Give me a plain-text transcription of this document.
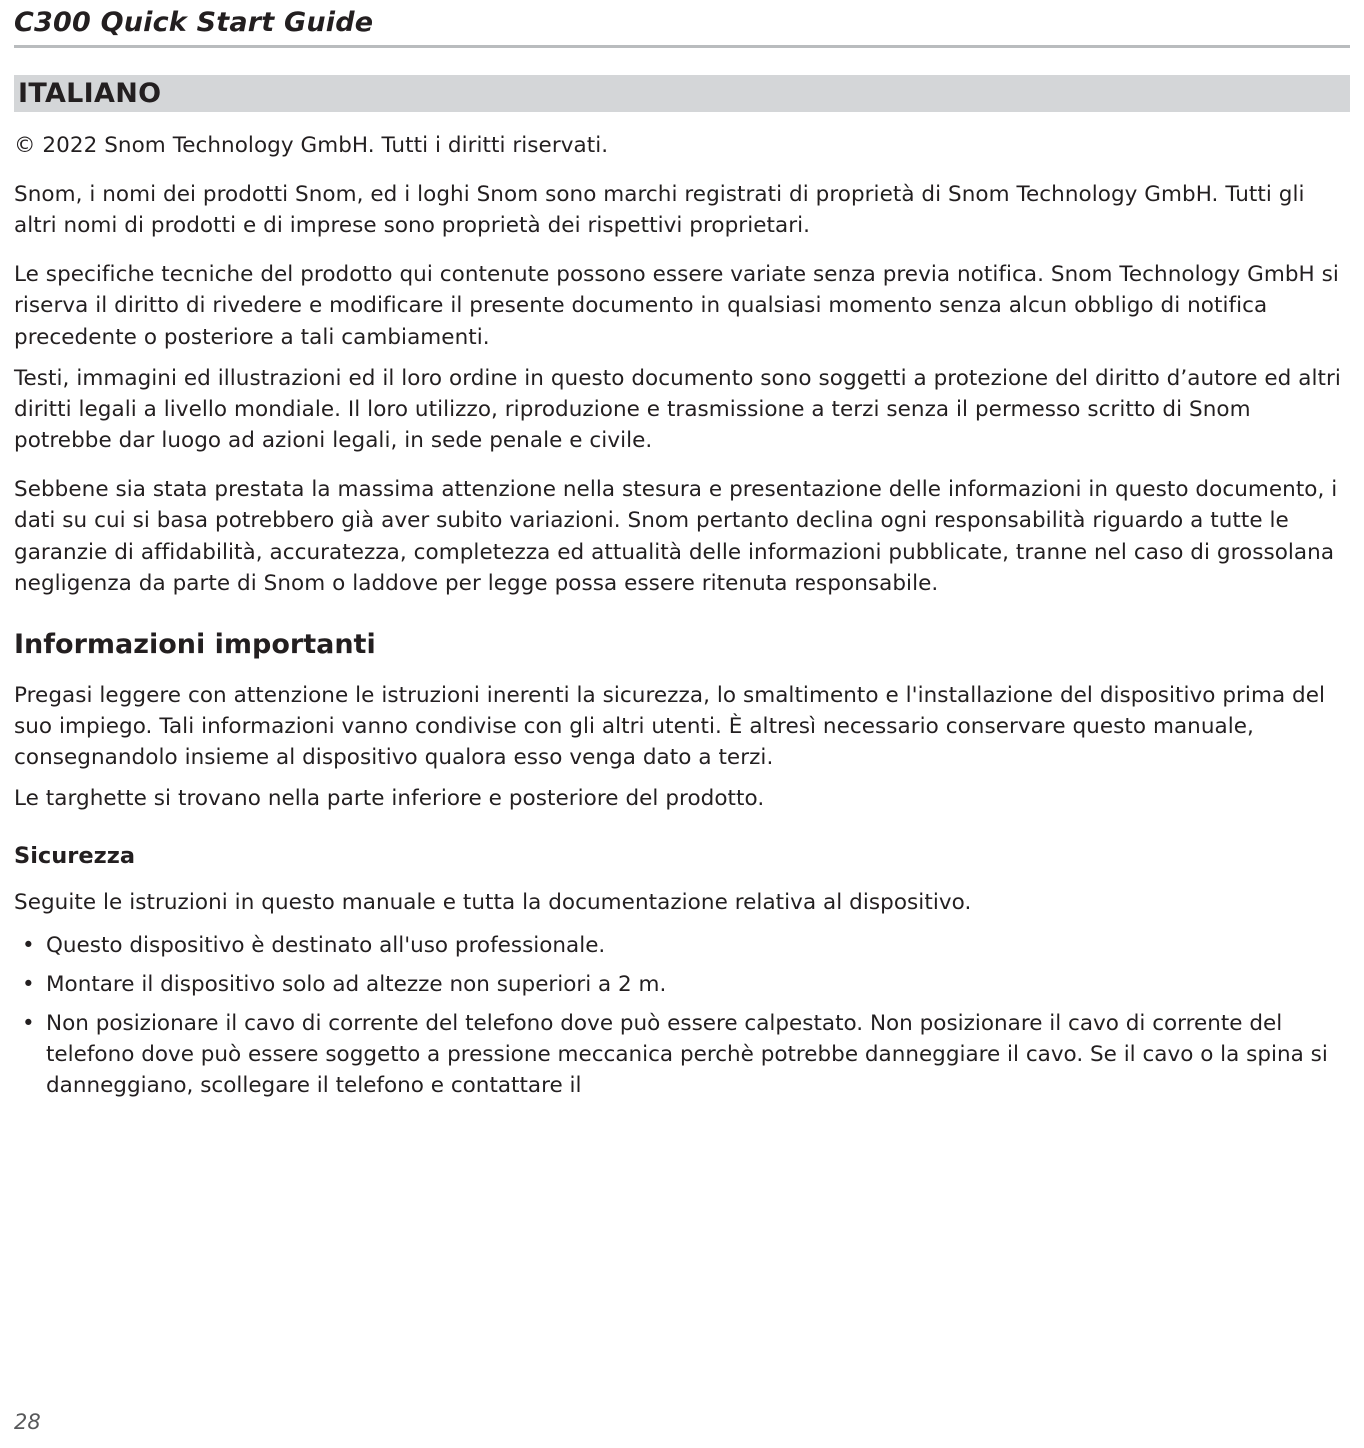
C300 Quick Start Guide
ITALIANO

© 2022 Snom Technology GmbH. Tutti i diritti riservati.

Snom, i nomi dei prodotti Snom, ed i loghi Snom sono marchi registrati di proprietà di Snom Technology GmbH. Tutti gli altri nomi di prodotti e di imprese sono proprietà dei rispettivi proprietari.

Le specifiche tecniche del prodotto qui contenute possono essere variate senza previa notifica. Snom Technology GmbH si riserva il diritto di rivedere e modificare il presente documento in qualsiasi momento senza alcun obbligo di notifica precedente o posteriore a tali cambiamenti.

Testi, immagini ed illustrazioni ed il loro ordine in questo documento sono soggetti a protezione del diritto d’autore ed altri diritti legali a livello mondiale. Il loro utilizzo, riproduzione e trasmissione a terzi senza il permesso scritto di Snom potrebbe dar luogo ad azioni legali, in sede penale e civile.

Sebbene sia stata prestata la massima attenzione nella stesura e presentazione delle informazioni in questo documento, i dati su cui si basa potrebbero già aver subito variazioni. Snom pertanto declina ogni responsabilità riguardo a tutte le garanzie di affidabilità, accuratezza, completezza ed attualità delle informazioni pubblicate, tranne nel caso di grossolana negligenza da parte di Snom o laddove per legge possa essere ritenuta responsabile.

Informazioni importanti

Pregasi leggere con attenzione le istruzioni inerenti la sicurezza, lo smaltimento e l'installazione del dispositivo prima del suo impiego. Tali informazioni vanno condivise con gli altri utenti. È altresì necessario conservare questo manuale, consegnandolo insieme al dispositivo qualora esso venga dato a terzi.

Le targhette si trovano nella parte inferiore e posteriore del prodotto.

Sicurezza

Seguite le istruzioni in questo manuale e tutta la documentazione relativa al dispositivo.

• Questo dispositivo è destinato all'uso professionale.
• Montare il dispositivo solo ad altezze non superiori a 2 m.
• Non posizionare il cavo di corrente del telefono dove può essere calpestato. Non posizionare il cavo di corrente del telefono dove può essere soggetto a pressione meccanica perchè potrebbe danneggiare il cavo. Se il cavo o la spina si danneggiano, scollegare il telefono e contattare il
28
